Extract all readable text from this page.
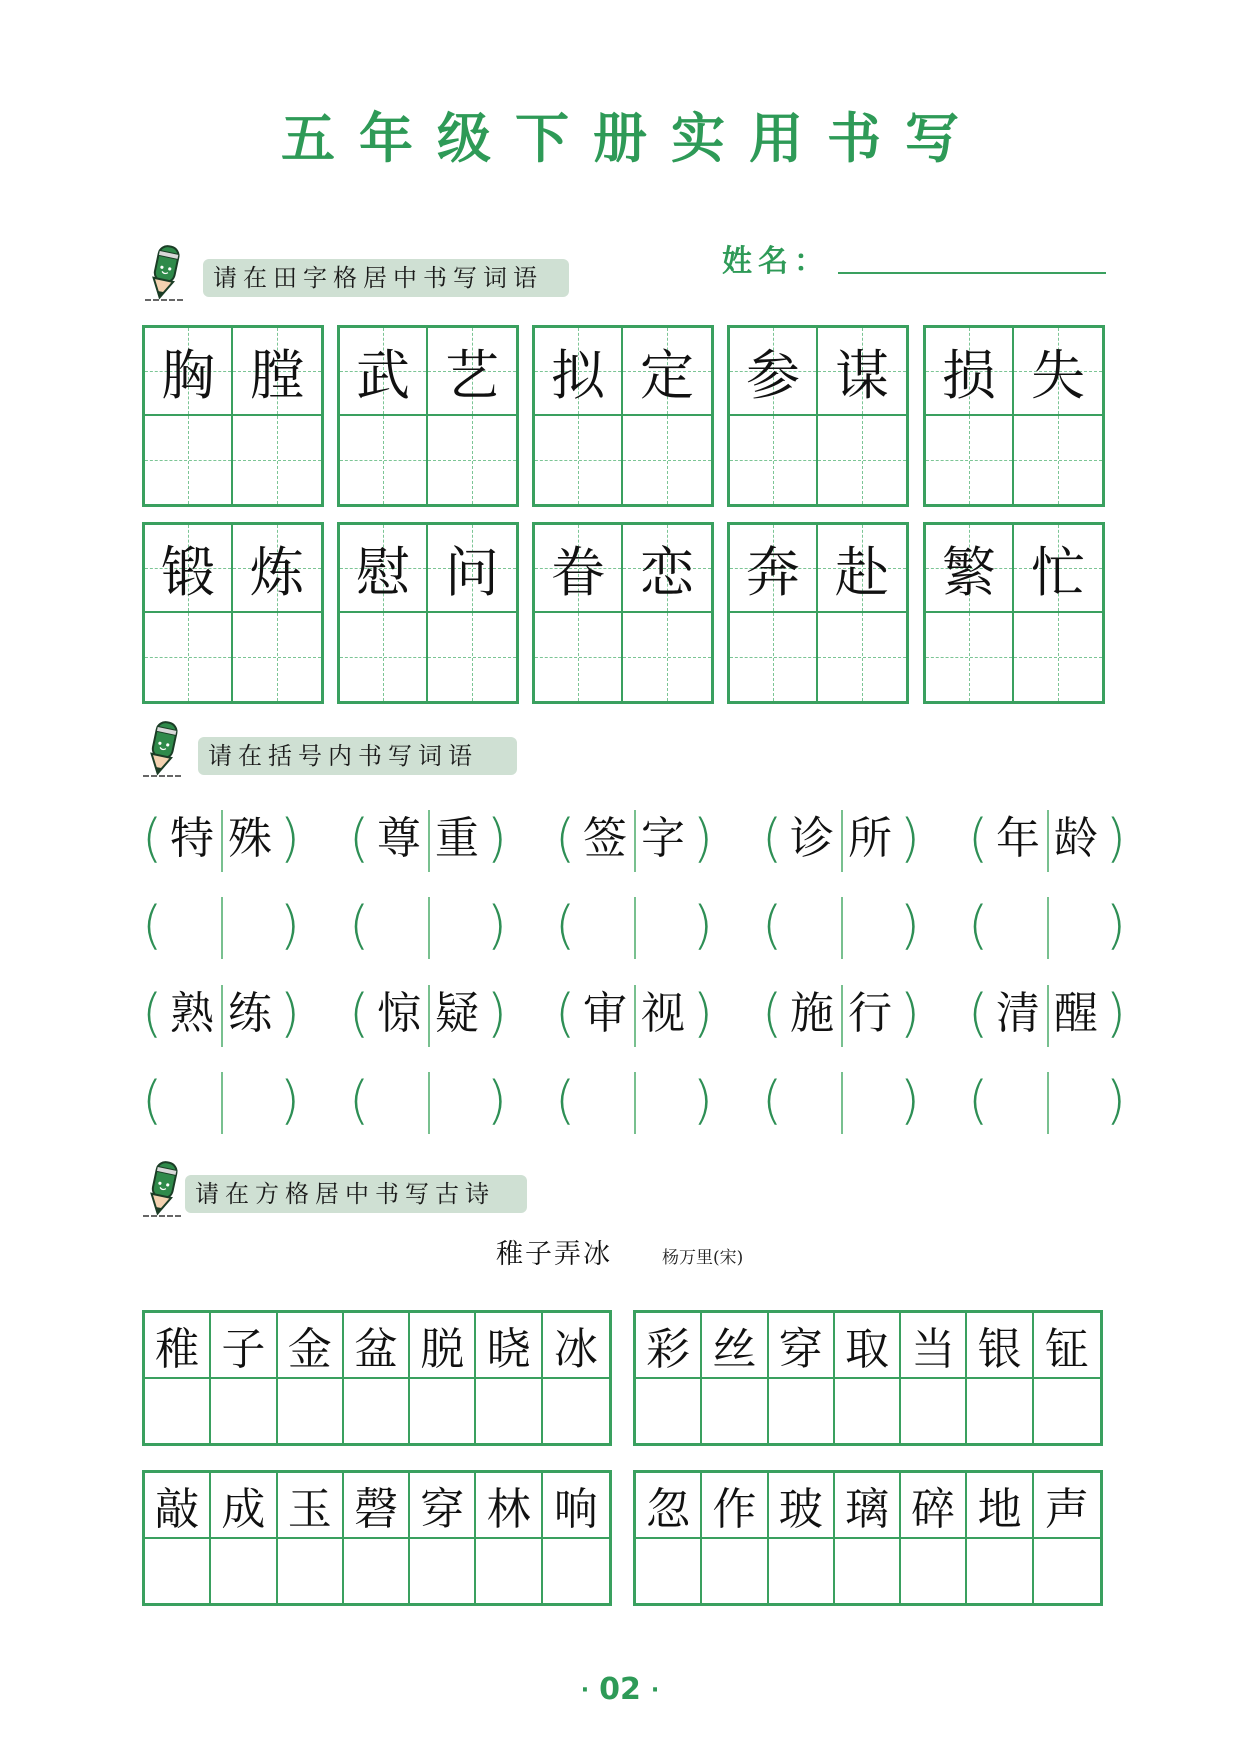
五年级下册实用书写
请在田字格居中书写词语	姓名：
胸 膛 武 艺 拟 定 参 谋 损 失
锻 炼 慰 问 眷 恋 奔 赴 繁 忙
请在括号内书写词语
( 特 殊 ) ( 尊 重 ) ( 签 字 ) ( 诊 所 ) ( 年 龄 )
( ) ( ) ( ) ( ) ( )
( 熟 练 ) ( 惊 疑 ) ( 审 视 ) ( 施 行 ) ( 清 醒 )
( ) ( ) ( ) ( ) ( )
请在方格居中书写古诗
稚子弄冰	杨万里(宋)
稚 子 金 盆 脱 晓 冰 彩 丝 穿 取 当 银 钲
敲 成 玉 磬 穿 林 响 忽 作 玻 璃 碎 地 声
· 02 ·
